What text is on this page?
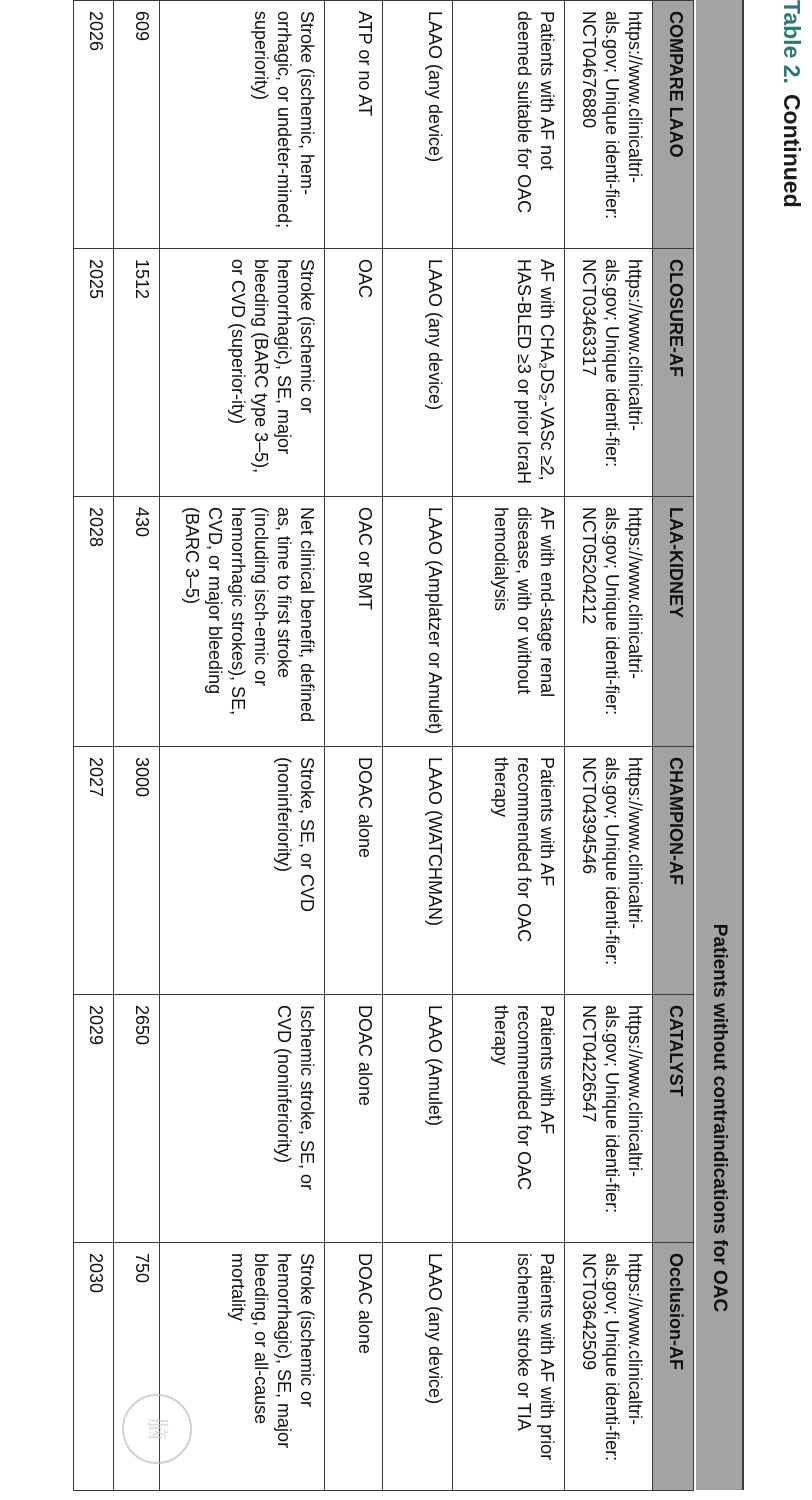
Table 2.Continued
Patients without contraindications for OAC
COMPARE LAAO	CLOSURE-AF	LAA-KIDNEY	CHAMPION-AF	CATALYST	Occlusion-AF
https://www.clinicaltri-als.gov; Unique identi-fier: NCT04676880	https://www.clinicaltri-als.gov; Unique identi-fier: NCT03463317	https://www.clinicaltri-als.gov; Unique identi-fier: NCT05204212	https://www.clinicaltri-als.gov; Unique identi-fier: NCT04394546	https://www.clinicaltri-als.gov; Unique identi-fier: NCT04226547	https://www.clinicaltri-als.gov; Unique identi-fier: NCT03642509
Patients with AF not deemed suitable for OAC	AF with CHA₂DS₂-VASc ≥2, HAS-BLED ≥3 or prior IcraH	AF with end-stage renal disease, with or without hemodialysis	Patients with AF recommended for OAC therapy	Patients with AF recommended for OAC therapy	Patients with AF with prior ischemic stroke or TIA
LAAO (any device)	LAAO (any device)	LAAO (Amplatzer or Amulet)	LAAO (WATCHMAN)	LAAO (Amulet)	LAAO (any device)
ATP or no AT	OAC	OAC or BMT	DOAC alone	DOAC alone	DOAC alone
Stroke (ischemic, hem-orrhagic, or undeter-mined; superiority)	Stroke (ischemic or hemorrhagic), SE, major bleeding (BARC type 3–5), or CVD (superior-ity)	Net clinical benefit, defined as, time to first stroke (including isch-emic or hemorrhagic strokes), SE, CVD, or major bleeding (BARC 3–5)	Stroke, SE, or CVD (noninferiority)	Ischemic stroke, SE, or CVD (noninferiority)	Stroke (ischemic or hemorrhagic), SE, major bleeding, or all-cause mortality
609	1512	430	3000	2650	750
2026	2025	2028	2027	2029	2030
脑
